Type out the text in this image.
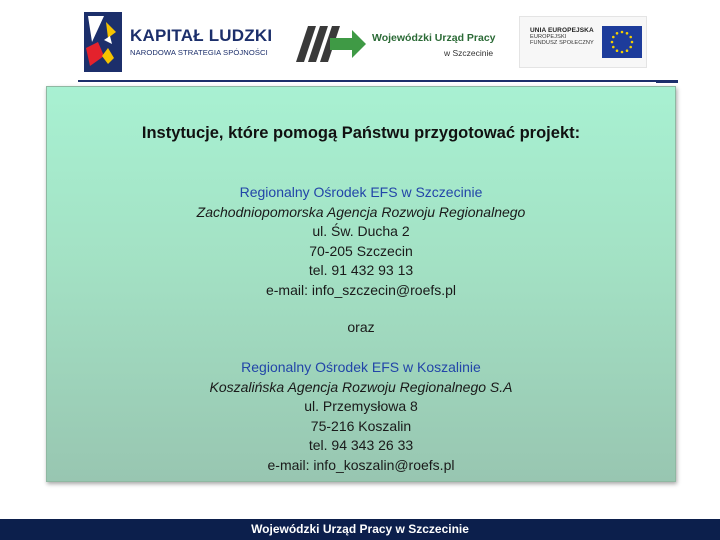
KAPITAŁ LUDZKI
NARODOWA STRATEGIA SPÓJNOŚCI
Wojewódzki Urząd Pracy
w Szczecinie
UNIA EUROPEJSKA
EUROPEJSKI
FUNDUSZ SPOŁECZNY
Instytucje, które pomogą Państwu przygotować projekt:
Regionalny Ośrodek EFS w Szczecinie
Zachodniopomorska Agencja Rozwoju Regionalnego
ul. Św. Ducha 2
70-205 Szczecin
tel. 91 432 93 13
e-mail: info_szczecin@roefs.pl
oraz
Regionalny Ośrodek EFS w Koszalinie
Koszalińska Agencja Rozwoju Regionalnego S.A
ul. Przemysłowa 8
75-216 Koszalin
tel. 94 343 26 33
e-mail: info_koszalin@roefs.pl
Wojewódzki Urząd Pracy w Szczecinie
